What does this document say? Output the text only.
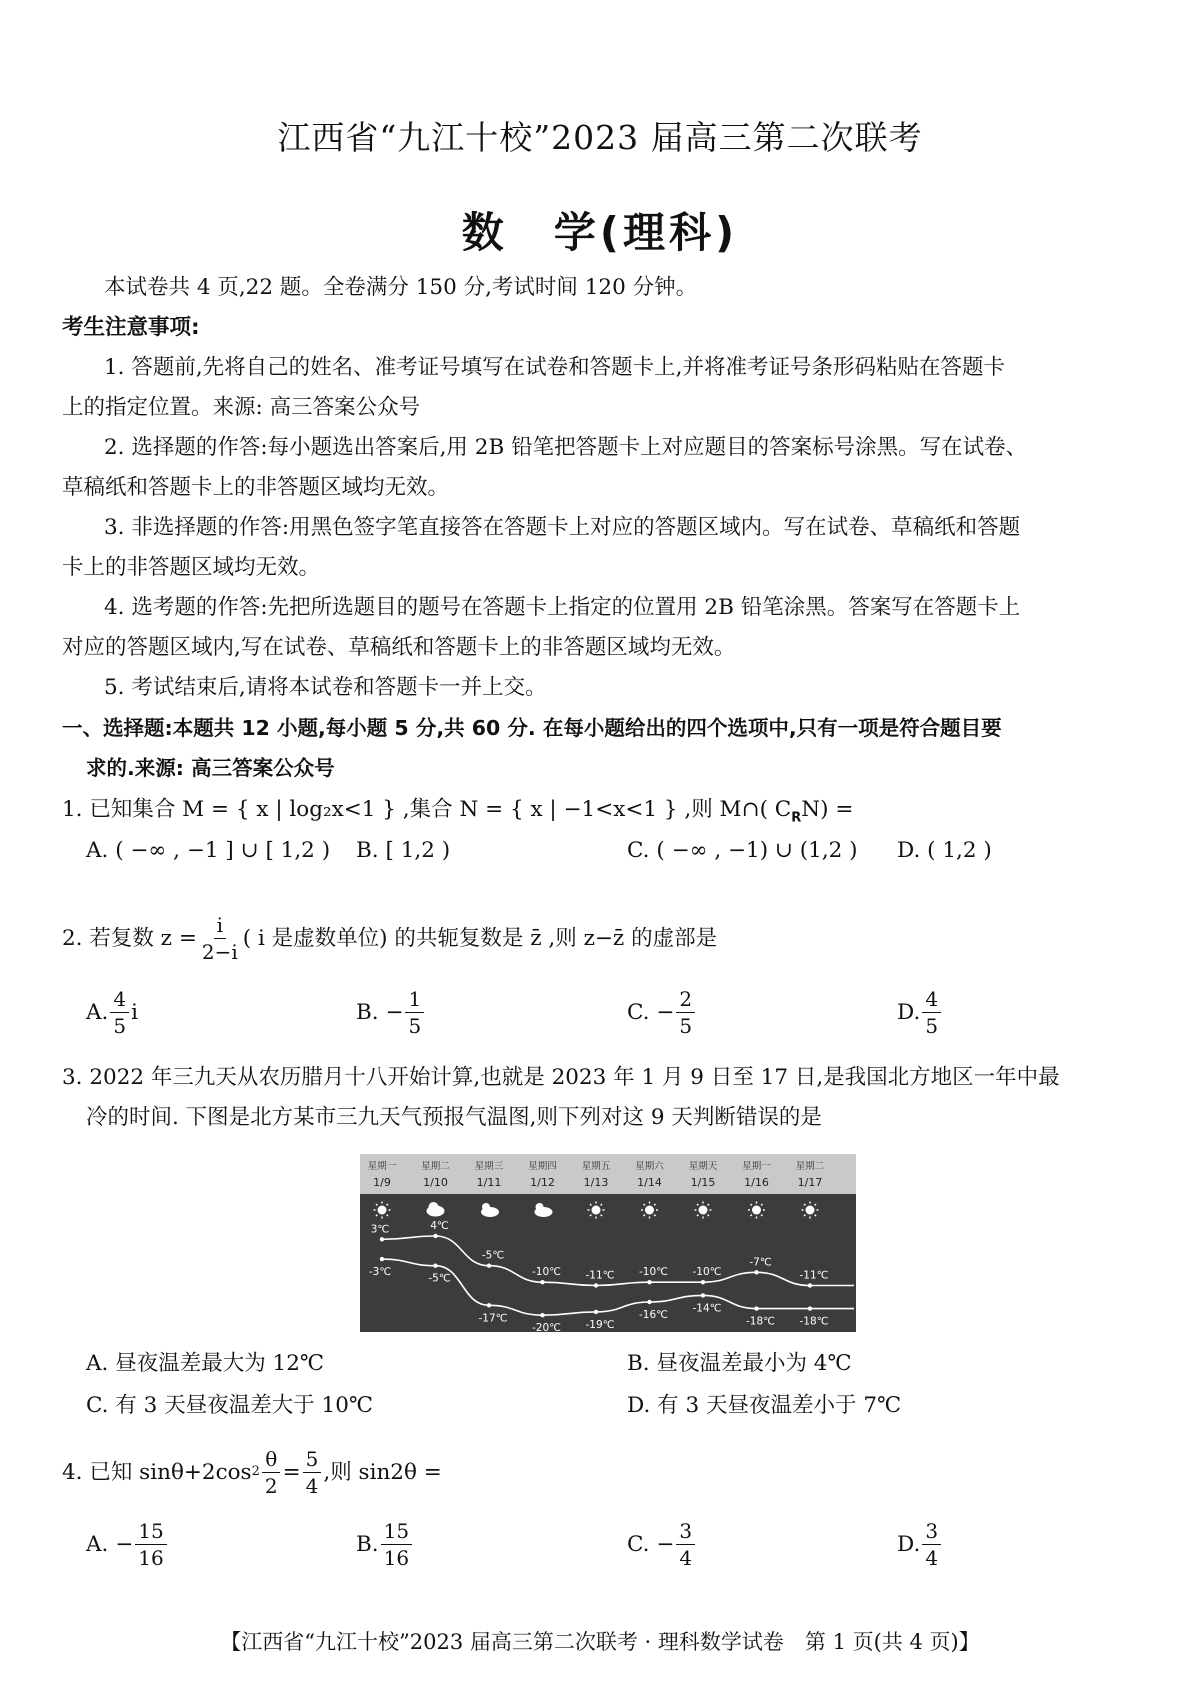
江西省“九江十校”2023 届高三第二次联考
数　学(理科)
本试卷共 4 页,22 题。全卷满分 150 分,考试时间 120 分钟。
考生注意事项:
1. 答题前,先将自己的姓名、准考证号填写在试卷和答题卡上,并将准考证号条形码粘贴在答题卡
上的指定位置。来源: 高三答案公众号
2. 选择题的作答:每小题选出答案后,用 2B 铅笔把答题卡上对应题目的答案标号涂黑。写在试卷、
草稿纸和答题卡上的非答题区域均无效。
3. 非选择题的作答:用黑色签字笔直接答在答题卡上对应的答题区域内。写在试卷、草稿纸和答题
卡上的非答题区域均无效。
4. 选考题的作答:先把所选题目的题号在答题卡上指定的位置用 2B 铅笔涂黑。答案写在答题卡上
对应的答题区域内,写在试卷、草稿纸和答题卡上的非答题区域均无效。
5. 考试结束后,请将本试卷和答题卡一并上交。
一、选择题:本题共 12 小题,每小题 5 分,共 60 分. 在每小题给出的四个选项中,只有一项是符合题目要
求的.来源: 高三答案公众号
1. 已知集合 M = { x | log₂x<1 } ,集合 N = { x | −1<x<1 } ,则 M∩( $C_RN$) =
A. ( −∞ , −1 ] ∪ [ 1,2 ) B. [ 1,2 )	C. ( −∞ , −1) ∪ (1,2 ) D. ( 1,2 )
2. 若复数 $z = \frac{i}{2-i}$ ( i 是虚数单位) 的共轭复数是 z̄ ,则 z−z̄ 的虚部是
A. $\frac{4}{5}$ i	B. − $\frac{1}{5}$	C. − $\frac{2}{5}$	D. $\frac{4}{5}$
3. 2022 年三九天从农历腊月十八开始计算,也就是 2023 年 1 月 9 日至 17 日,是我国北方地区一年中最
冷的时间. 下图是北方某市三九天气预报气温图,则下列对这 9 天判断错误的是
星期一
1/9
星期二
1/10
星期三
1/11
星期四
1/12
星期五
1/13
星期六
1/14
星期天
1/15
星期一
1/16
星期二
1/17
3℃	4℃
-5℃
-10℃ -11℃ -10℃ -10℃
-7℃
-11℃
-3℃
-5℃
-17℃
-20℃ -19℃
-16℃
-14℃
-18℃ -18℃
A. 昼夜温差最大为 12℃	B. 昼夜温差最小为 4℃
C. 有 3 天昼夜温差大于 10℃	D. 有 3 天昼夜温差小于 7℃
4. 已知 sinθ+2cos $2 \frac{\theta}{2} = \frac{5}{4}$ ,则 sin2θ =
A. − $\frac{15}{16}$	B. $\frac{15}{16}$	C. − $\frac{3}{4}$	D. $\frac{3}{4}$
【江西省“九江十校”2023 届高三第二次联考 · 理科数学试卷　第 1 页(共 4 页)】
